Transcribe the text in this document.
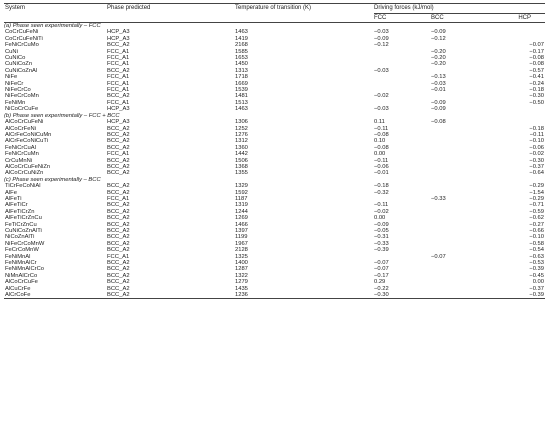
System	Phase predicted	Temperature of transition (K)	Driving forces (kJ/mol)		
			FCC	BCC	HCP
(a) Phase seen experimentally – FCC					
CoCrCuFeNi	HCP_A3	1463	−0.03	−0.09	
CoCrCuFeNiTi	HCP_A3	1419	−0.09	−0.12	
FeNiCrCuMo	BCC_A2	2168	−0.12		−0.07
CuNi	FCC_A1	1585		−0.20	−0.17
CuNiCo	FCC_A1	1653		−0.20	−0.08
CuNiCoZn	FCC_A1	1450		−0.20	−0.08
CuNiCoZnAl	BCC_A2	1313	−0.03		−0.57
NiFe	FCC_A1	1718		−0.13	−0.41
NiFeCr	FCC_A1	1669		−0.03	−0.24
NiFeCrCo	FCC_A1	1539		−0.01	−0.18
NiFeCrCoMn	BCC_A2	1481	−0.02		−0.30
FeNiMn	FCC_A1	1513		−0.09	−0.50
NiCoCrCuFe	HCP_A3	1463	−0.03	−0.09	
(b) Phase seen experimentally – FCC + BCC					
AlCoCrCuFeNi	HCP_A3	1306	0.11	−0.08	
AlCoCrFeNi	BCC_A2	1252	−0.11		−0.18
AlCrFeCoNiCuMn	BCC_A2	1276	−0.08		−0.11
AlCrFeCoNiCuTi	BCC_A2	1312	0.10		−0.10
FeNiCrCuAl	BCC_A2	1360	−0.08		−0.06
FeNiCrCuMn	FCC_A1	1442	0.00		−0.02
CrCuMnNi	BCC_A2	1506	−0.11		−0.30
AlCoCrCuFeNiZn	BCC_A2	1368	−0.06		−0.37
AlCoCrCuNiZn	BCC_A2	1355	−0.01		−0.64
(c) Phase seen experimentally – BCC					
TiCrFeCoNiAl	BCC_A2	1329	−0.18		−0.29
AlFe	BCC_A2	1592	−0.32		−1.54
AlFeTi	FCC_A1	1187		−0.33	−0.29
AlFeTiCr	BCC_A2	1319	−0.11		−0.71
AlFeTiCrZn	BCC_A2	1244	−0.02		−0.59
AlFeTiCrZnCu	BCC_A2	1269	0.00		−0.62
FeTiCrZnCu	BCC_A2	1466	−0.09		−0.27
CuNiCoZnAlTi	BCC_A2	1397	−0.05		−0.66
NiCoZnAlTi	BCC_A2	1199	−0.31		−0.10
NiFeCrCoMnW	BCC_A2	1967	−0.33		−0.58
FeCrCoMnW	BCC_A2	2128	−0.39		−0.54
FeNiMnAl	FCC_A1	1325		−0.07	−0.63
FeNiMnAlCr	BCC_A2	1400	−0.07		−0.53
FeNiMnAlCrCo	BCC_A2	1287	−0.07		−0.39
NiMnAlCrCo	BCC_A2	1322	−0.17		−0.45
AlCoCrCuFe	BCC_A2	1279	0.29		0.00
AlCuCrFe	BCC_A2	1435	−0.22		−0.37
AlCrCoFe	BCC_A2	1236	−0.30		−0.39
